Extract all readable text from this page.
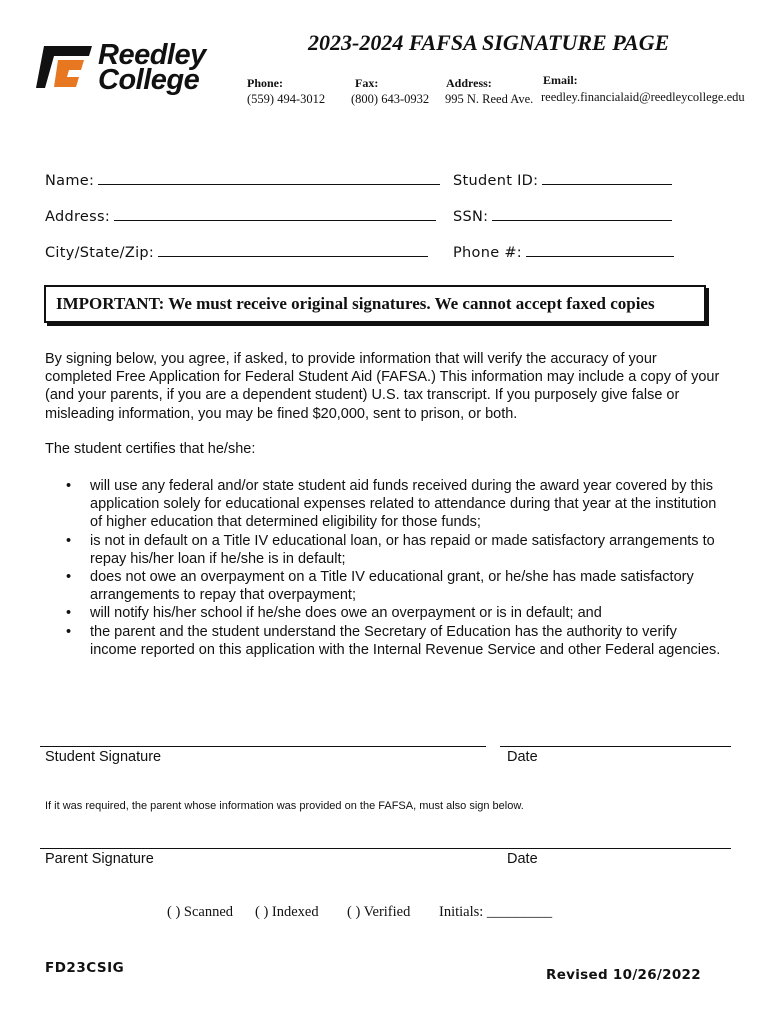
Reedley
College
2023-2024 FAFSA SIGNATURE PAGE
Phone:
(559) 494-3012
Fax:
(800) 643-0932
Address:
995 N. Reed Ave.
Email:
reedley.financialaid@reedleycollege.edu
Name:	Student ID:
Address:	SSN:
City/State/Zip:	Phone #:
IMPORTANT: We must receive original signatures. We cannot accept faxed copies
By signing below, you agree, if asked, to provide information that will verify the accuracy of your completed Free Application for Federal Student Aid (FAFSA.) This information may include a copy of your (and your parents, if you are a dependent student) U.S. tax transcript. If you purposely give false or misleading information, you may be fined $20,000, sent to prison, or both.
The student certifies that he/she:
• will use any federal and/or state student aid funds received during the award year covered by this application solely for educational expenses related to attendance during that year at the institution of higher education that determined eligibility for those funds;
• is not in default on a Title IV educational loan, or has repaid or made satisfactory arrangements to repay his/her loan if he/she is in default;
• does not owe an overpayment on a Title IV educational grant, or he/she has made satisfactory arrangements to repay that overpayment;
• will notify his/her school if he/she does owe an overpayment or is in default; and
• the parent and the student understand the Secretary of Education has the authority to verify income reported on this application with the Internal Revenue Service and other Federal agencies.
Student Signature	Date
If it was required, the parent whose information was provided on the FAFSA, must also sign below.
Parent Signature	Date
( ) Scanned ( ) Indexed ( ) Verified Initials: _________
FD23CSIG	Revised 10/26/2022
